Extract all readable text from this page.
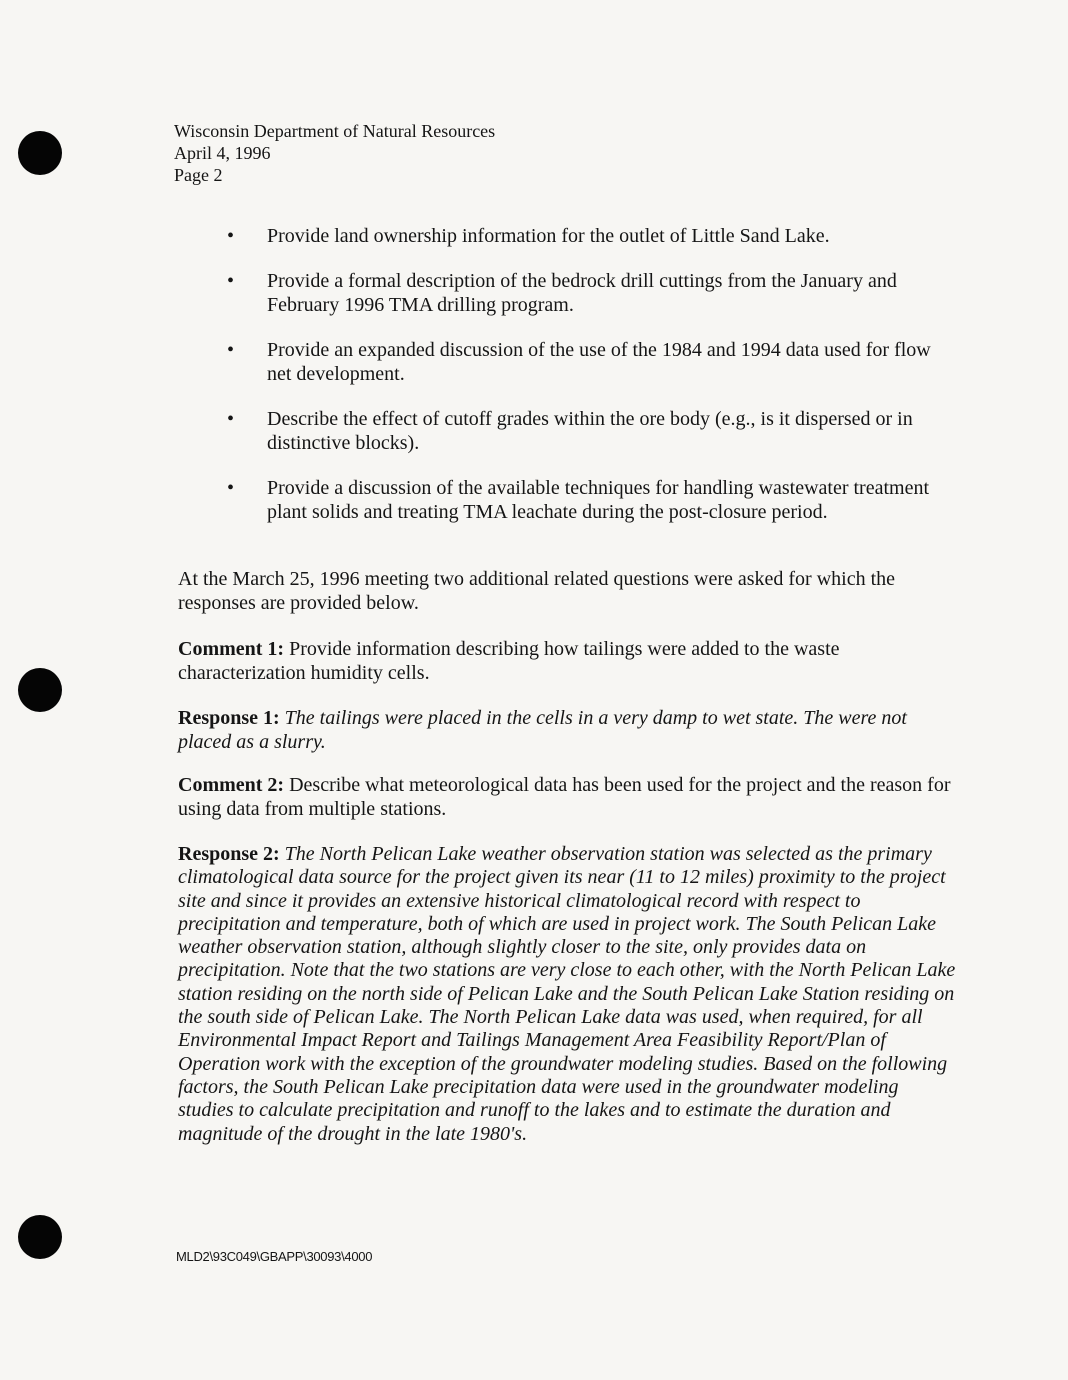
Wisconsin Department of Natural Resources
April 4, 1996
Page 2
• Provide land ownership information for the outlet of Little Sand Lake.
• Provide a formal description of the bedrock drill cuttings from the January and February 1996 TMA drilling program.
• Provide an expanded discussion of the use of the 1984 and 1994 data used for flow net development.
• Describe the effect of cutoff grades within the ore body (e.g., is it dispersed or in distinctive blocks).
• Provide a discussion of the available techniques for handling wastewater treatment plant solids and treating TMA leachate during the post-closure period.

At the March 25, 1996 meeting two additional related questions were asked for which the responses are provided below.

Comment 1: Provide information describing how tailings were added to the waste characterization humidity cells.

Response 1: The tailings were placed in the cells in a very damp to wet state. The were not placed as a slurry.

Comment 2: Describe what meteorological data has been used for the project and the reason for using data from multiple stations.

Response 2: The North Pelican Lake weather observation station was selected as the primary climatological data source for the project given its near (11 to 12 miles) proximity to the project site and since it provides an extensive historical climatological record with respect to precipitation and temperature, both of which are used in project work. The South Pelican Lake weather observation station, although slightly closer to the site, only provides data on precipitation. Note that the two stations are very close to each other, with the North Pelican Lake station residing on the north side of Pelican Lake and the South Pelican Lake Station residing on the south side of Pelican Lake. The North Pelican Lake data was used, when required, for all Environmental Impact Report and Tailings Management Area Feasibility Report/Plan of Operation work with the exception of the groundwater modeling studies. Based on the following factors, the South Pelican Lake precipitation data were used in the groundwater modeling studies to calculate precipitation and runoff to the lakes and to estimate the duration and magnitude of the drought in the late 1980's.

MLD2\93C049\GBAPP\30093\4000
